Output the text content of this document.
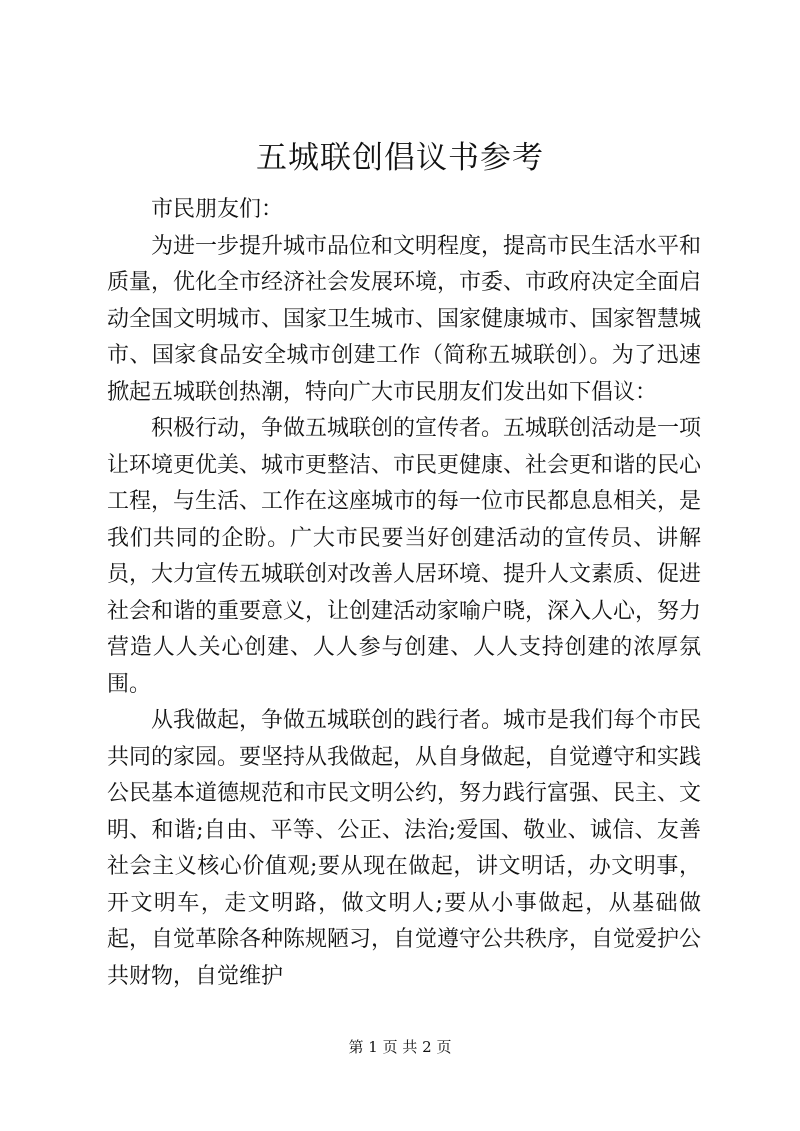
五城联创倡议书参考

市民朋友们：

为进一步提升城市品位和文明程度，提高市民生活水平和质量，优化全市经济社会发展环境，市委、市政府决定全面启动全国文明城市、国家卫生城市、国家健康城市、国家智慧城市、国家食品安全城市创建工作（简称五城联创）。为了迅速掀起五城联创热潮，特向广大市民朋友们发出如下倡议：

积极行动，争做五城联创的宣传者。五城联创活动是一项让环境更优美、城市更整洁、市民更健康、社会更和谐的民心工程，与生活、工作在这座城市的每一位市民都息息相关，是我们共同的企盼。广大市民要当好创建活动的宣传员、讲解员，大力宣传五城联创对改善人居环境、提升人文素质、促进社会和谐的重要意义，让创建活动家喻户晓，深入人心，努力营造人人关心创建、人人参与创建、人人支持创建的浓厚氛围。

从我做起，争做五城联创的践行者。城市是我们每个市民共同的家园。要坚持从我做起，从自身做起，自觉遵守和实践公民基本道德规范和市民文明公约，努力践行富强、民主、文明、和谐;自由、平等、公正、法治;爱国、敬业、诚信、友善社会主义核心价值观;要从现在做起，讲文明话，办文明事，开文明车，走文明路，做文明人;要从小事做起，从基础做起，自觉革除各种陈规陋习，自觉遵守公共秩序，自觉爱护公共财物，自觉维护

第 1 页 共 2 页
